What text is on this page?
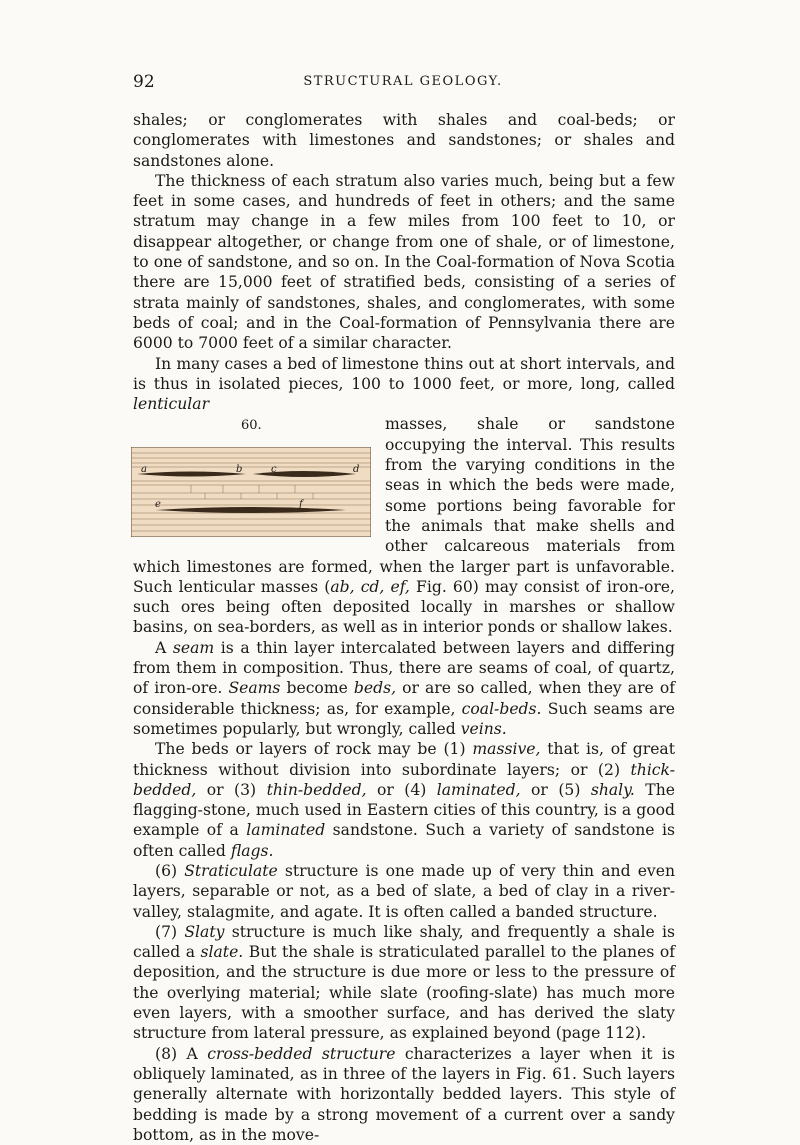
92	STRUCTURAL GEOLOGY.

shales; or conglomerates with shales and coal-beds; or conglomerates with limestones and sandstones; or shales and sandstones alone.

The thickness of each stratum also varies much, being but a few feet in some cases, and hundreds of feet in others; and the same stratum may change in a few miles from 100 feet to 10, or disappear altogether, or change from one of shale, or of limestone, to one of sandstone, and so on. In the Coal-formation of Nova Scotia there are 15,000 feet of stratified beds, consisting of a series of strata mainly of sandstones, shales, and conglomerates, with some beds of coal; and in the Coal-formation of Pennsylvania there are 6000 to 7000 feet of a similar character.

In many cases a bed of limestone thins out at short intervals, and is thus in isolated pieces, 100 to 1000 feet, or more, long, called lenticular

60.
a	b	c	d
e	f

masses, shale or sandstone occupying the interval. This results from the varying conditions in the seas in which the beds were made, some portions being favorable for the animals that make shells and other calcareous materials from which limestones are formed, when the larger part is unfavorable. Such lenticular masses (ab, cd, ef, Fig. 60) may consist of iron-ore, such ores being often deposited locally in marshes or shallow basins, on sea-borders, as well as in interior ponds or shallow lakes.

A seam is a thin layer intercalated between layers and differing from them in composition. Thus, there are seams of coal, of quartz, of iron-ore. Seams become beds, or are so called, when they are of considerable thickness; as, for example, coal-beds. Such seams are sometimes popularly, but wrongly, called veins.

The beds or layers of rock may be (1) massive, that is, of great thickness without division into subordinate layers; or (2) thick-bedded, or (3) thin-bedded, or (4) laminated, or (5) shaly. The flagging-stone, much used in Eastern cities of this country, is a good example of a laminated sandstone. Such a variety of sandstone is often called flags.

(6) Straticulate structure is one made up of very thin and even layers, separable or not, as a bed of slate, a bed of clay in a river-valley, stalagmite, and agate. It is often called a banded structure.

(7) Slaty structure is much like shaly, and frequently a shale is called a slate. But the shale is straticulated parallel to the planes of deposition, and the structure is due more or less to the pressure of the overlying material; while slate (roofing-slate) has much more even layers, with a smoother surface, and has derived the slaty structure from lateral pressure, as explained beyond (page 112).

(8) A cross-bedded structure characterizes a layer when it is obliquely laminated, as in three of the layers in Fig. 61. Such layers generally alternate with horizontally bedded layers. This style of bedding is made by a strong movement of a current over a sandy bottom, as in the move-
